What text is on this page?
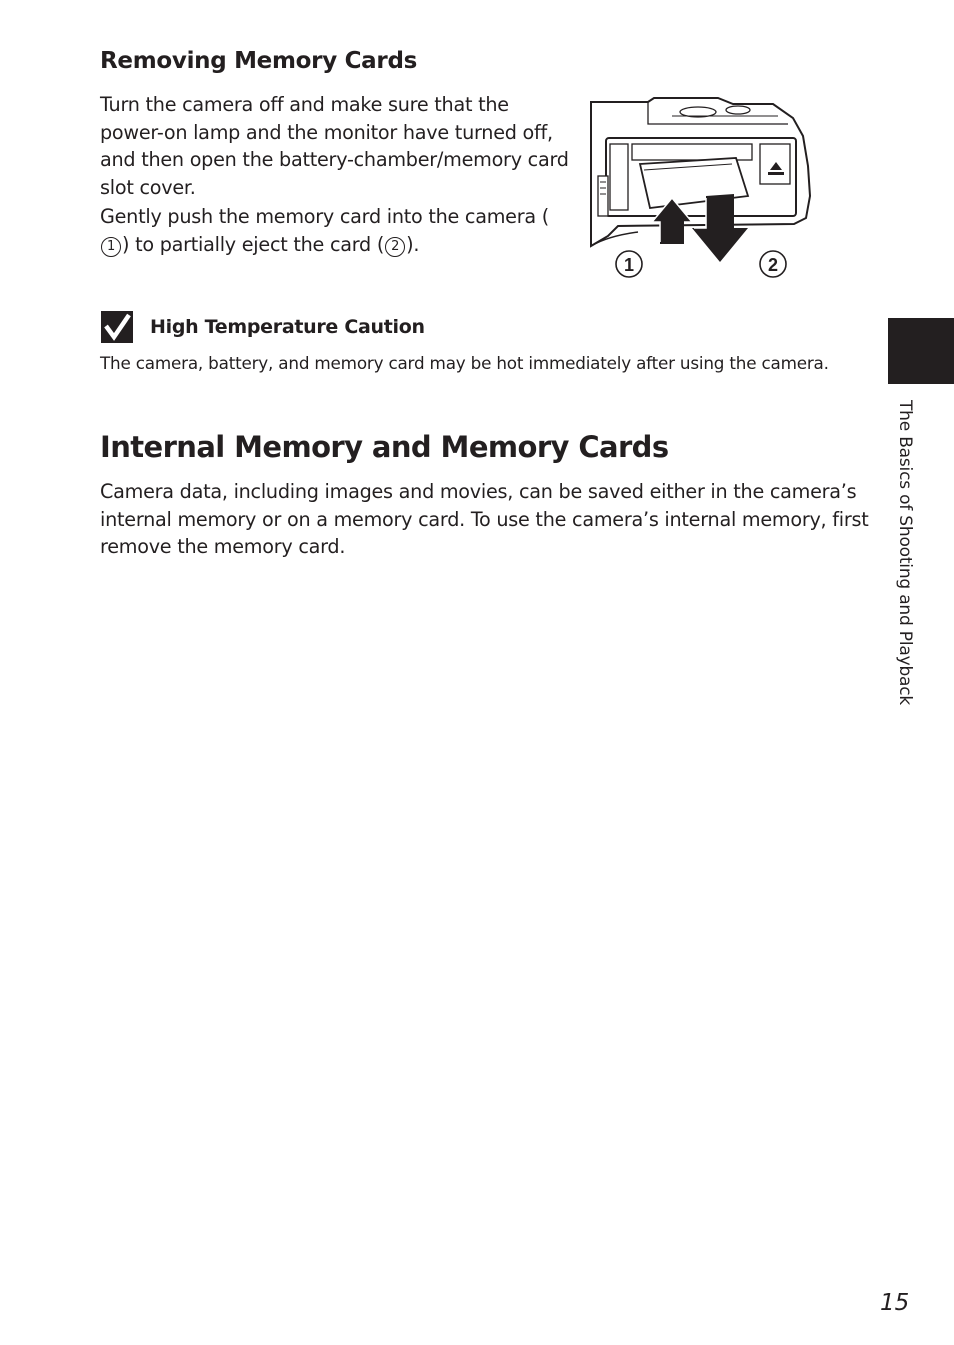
Removing Memory Cards

Turn the camera off and make sure that the power-on lamp and the monitor have turned off, and then open the battery-chamber/memory card slot cover.

Gently push the memory card into the camera (1 ) to partially eject the card ( 2 ).

1	2
High Temperature Caution

The camera, battery, and memory card may be hot immediately after using the camera.

Internal Memory and Memory Cards

Camera data, including images and movies, can be saved either in the camera’s internal memory or on a memory card. To use the camera’s internal memory, first remove the memory card.	The Basics of Shooting and Playback
15
